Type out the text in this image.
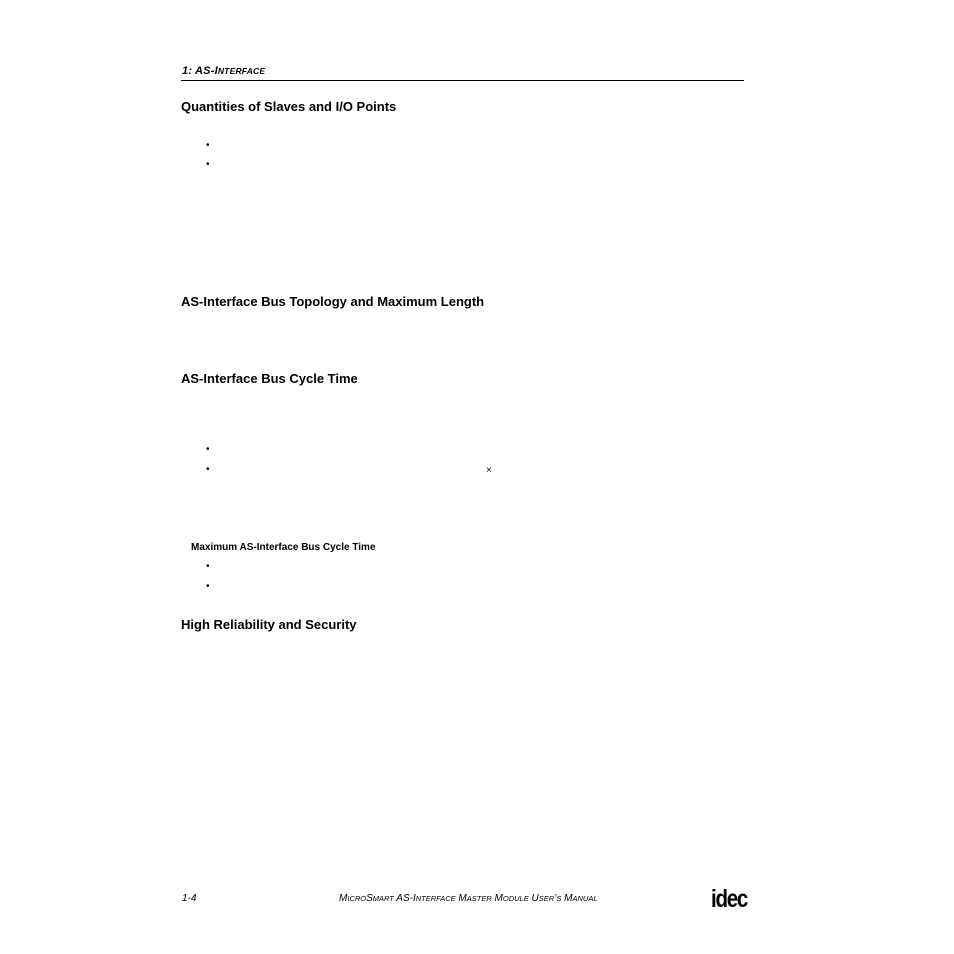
1: AS-INTERFACE
Quantities of Slaves and I/O Points
•
•
AS-Interface Bus Topology and Maximum Length
AS-Interface Bus Cycle Time
•
•	×
Maximum AS-Interface Bus Cycle Time
•
•
High Reliability and Security
1-4	MICROSMART AS-INTERFACE MASTER MODULE USER’S MANUAL	idec
